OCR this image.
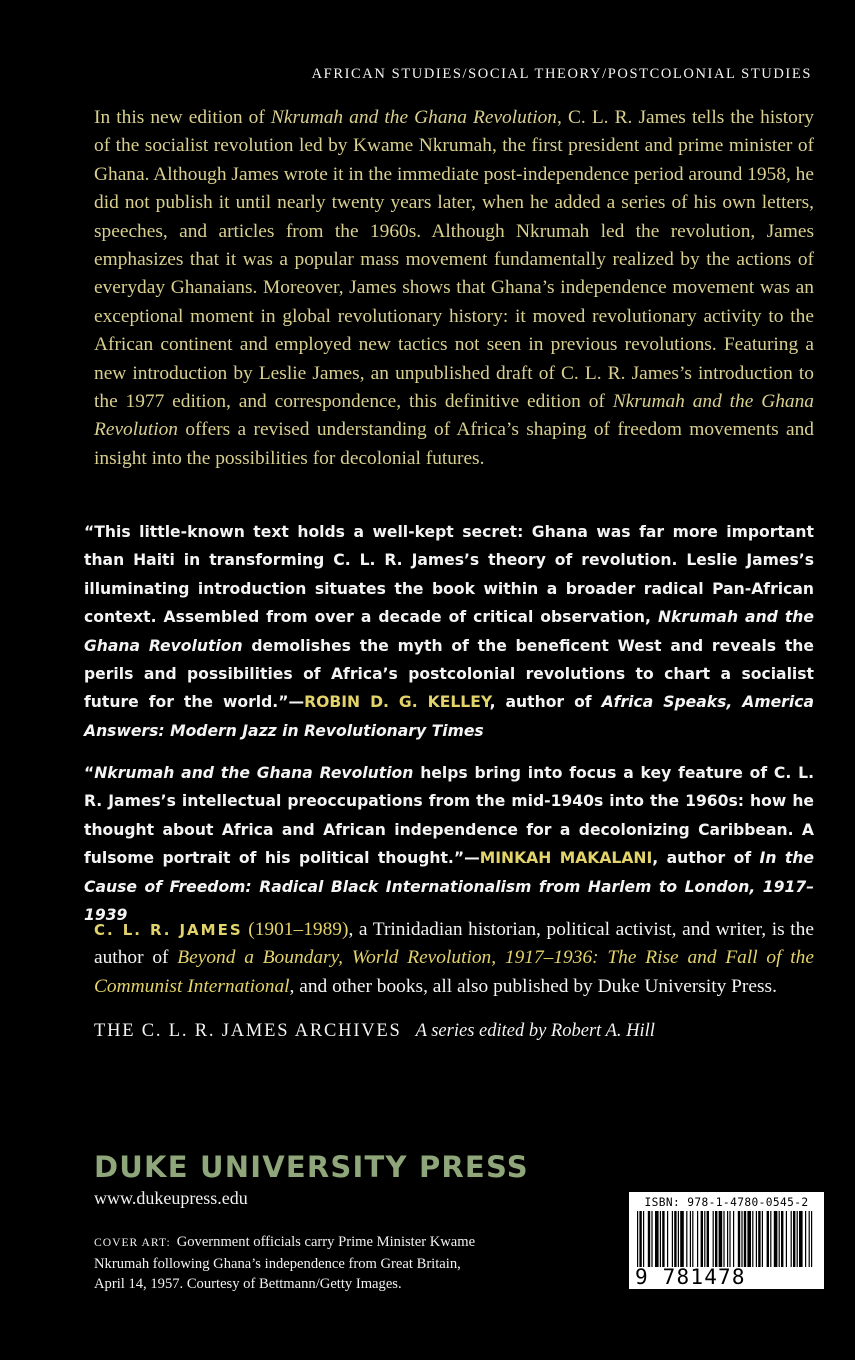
AFRICAN STUDIES/SOCIAL THEORY/POSTCOLONIAL STUDIES
In this new edition of Nkrumah and the Ghana Revolution, C. L. R. James tells the history of the socialist revolution led by Kwame Nkrumah, the first president and prime minister of Ghana. Although James wrote it in the immediate post-independence period around 1958, he did not publish it until nearly twenty years later, when he added a series of his own letters, speeches, and articles from the 1960s. Although Nkrumah led the revolution, James emphasizes that it was a popular mass movement fundamentally realized by the actions of everyday Ghanaians. Moreover, James shows that Ghana’s independence movement was an exceptional moment in global revolutionary history: it moved revolutionary activity to the African continent and employed new tactics not seen in previous revolutions. Featuring a new introduction by Leslie James, an unpublished draft of C. L. R. James’s introduction to the 1977 edition, and correspondence, this definitive edition of Nkrumah and the Ghana Revolution offers a revised understanding of Africa’s shaping of freedom movements and insight into the possibilities for decolonial futures.
“This little-known text holds a well-kept secret: Ghana was far more important than Haiti in transforming C. L. R. James’s theory of revolution. Leslie James’s illuminating introduction situates the book within a broader radical Pan-African context. Assembled from over a decade of critical observation, Nkrumah and the Ghana Revolution demolishes the myth of the beneficent West and reveals the perils and possibilities of Africa’s postcolonial revolutions to chart a socialist future for the world.”—ROBIN D. G. KELLEY, author of Africa Speaks, America Answers: Modern Jazz in Revolutionary Times
“Nkrumah and the Ghana Revolution helps bring into focus a key feature of C. L. R. James’s intellectual preoccupations from the mid-1940s into the 1960s: how he thought about Africa and African independence for a decolonizing Caribbean. A fulsome portrait of his political thought.”—MINKAH MAKALANI, author of In the Cause of Freedom: Radical Black Internationalism from Harlem to London, 1917–1939
C. L. R. JAMES (1901–1989), a Trinidadian historian, political activist, and writer, is the author of Beyond a Boundary, World Revolution, 1917–1936: The Rise and Fall of the Communist International, and other books, all also published by Duke University Press.
THE C. L. R. JAMES ARCHIVES A series edited by Robert A. Hill
DUKE UNIVERSITY PRESS
www.dukeupress.edu
COVER ART: Government officials carry Prime Minister Kwame Nkrumah following Ghana’s independence from Great Britain, April 14, 1957. Courtesy of Bettmann/Getty Images.
ISBN: 978-1-4780-0545-2
9 781478 005452
